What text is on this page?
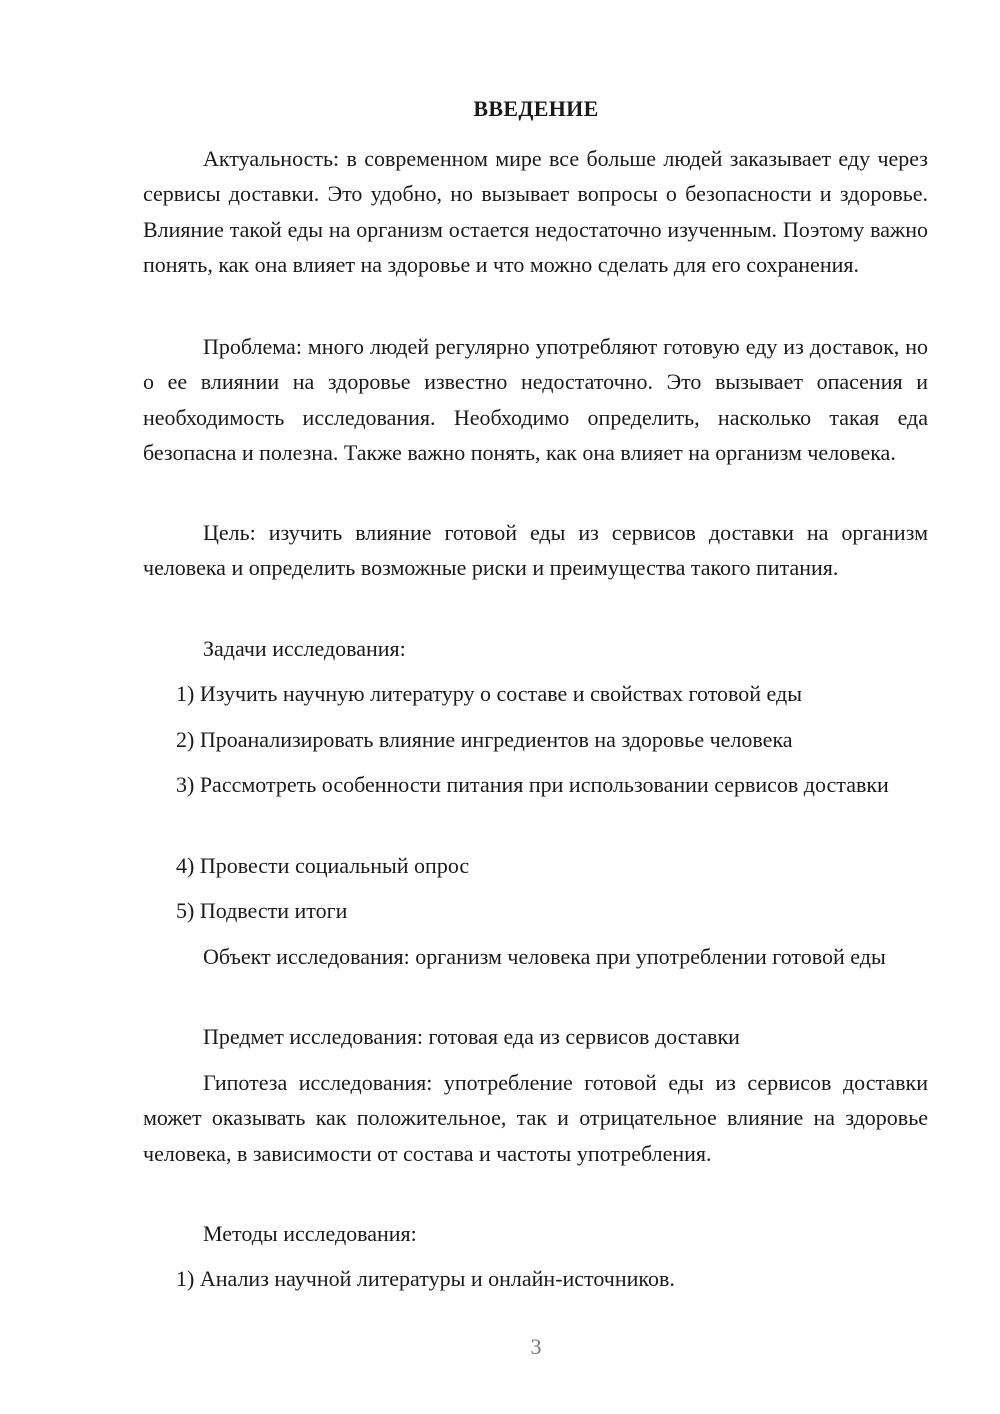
ВВЕДЕНИЕ

Актуальность: в современном мире все больше людей заказывает еду через сервисы доставки. Это удобно, но вызывает вопросы о безопасности и здоровье. Влияние такой еды на организм остается недостаточно изученным. Поэтому важно понять, как она влияет на здоровье и что можно сделать для его сохранения.

Проблема: много людей регулярно употребляют готовую еду из доставок, но о ее влиянии на здоровье известно недостаточно. Это вызывает опасения и необходимость исследования. Необходимо определить, насколько такая еда безопасна и полезна. Также важно понять, как она влияет на организм человека.

Цель: изучить влияние готовой еды из сервисов доставки на организм человека и определить возможные риски и преимущества такого питания.

Задачи исследования:

1) Изучить научную литературу о составе и свойствах готовой еды

2) Проанализировать влияние ингредиентов на здоровье человека

3) Рассмотреть особенности питания при использовании сервисов доставки

4) Провести социальный опрос

5) Подвести итоги

Объект исследования: организм человека при употреблении готовой еды

Предмет исследования: готовая еда из сервисов доставки

Гипотеза исследования: употребление готовой еды из сервисов доставки может оказывать как положительное, так и отрицательное влияние на здоровье человека, в зависимости от состава и частоты употребления.

Методы исследования:

1) Анализ научной литературы и онлайн-источников.

3
